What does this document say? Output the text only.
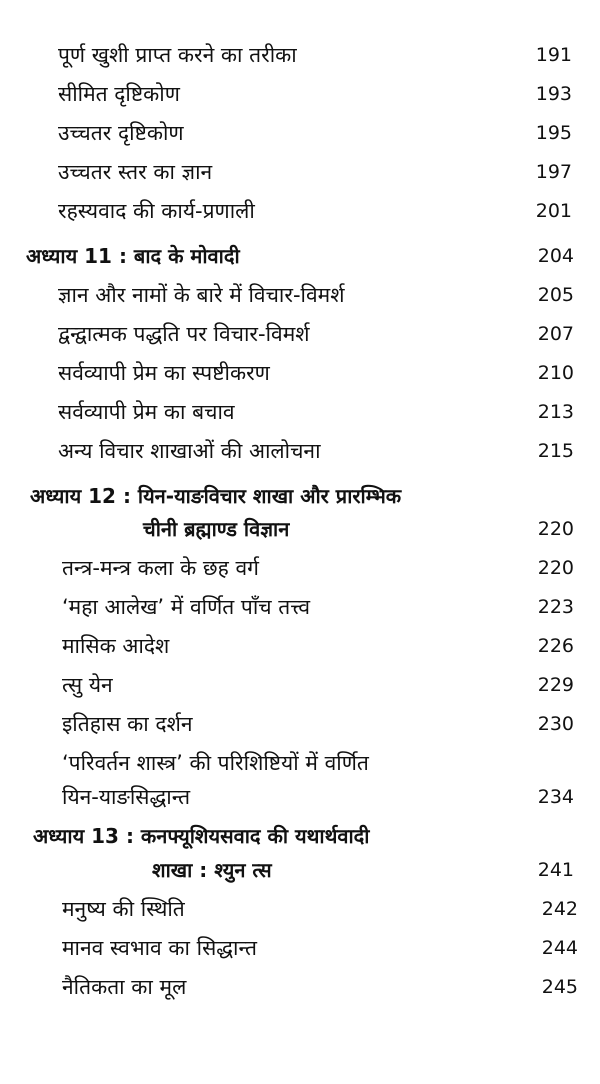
पूर्ण खुशी प्राप्त करने का तरीका	191
सीमित दृष्टिकोण	193
उच्चतर दृष्टिकोण	195
उच्चतर स्तर का ज्ञान	197
रहस्यवाद की कार्य-प्रणाली	201
अध्याय 11 : बाद के मोवादी	204
ज्ञान और नामों के बारे में विचार-विमर्श	205
द्वन्द्वात्मक पद्धति पर विचार-विमर्श	207
सर्वव्यापी प्रेम का स्पष्टीकरण	210
सर्वव्यापी प्रेम का बचाव	213
अन्य विचार शाखाओं की आलोचना	215
अध्याय 12 : यिन-याङविचार शाखा और प्रारम्भिक
चीनी ब्रह्माण्ड विज्ञान	220
तन्त्र-मन्त्र कला के छह वर्ग	220
‘महा आलेख’ में वर्णित पाँच तत्त्व	223
मासिक आदेश	226
त्सु येन	229
इतिहास का दर्शन	230
‘परिवर्तन शास्त्र’ की परिशिष्टियों में वर्णित
यिन-याङसिद्धान्त	234
अध्याय 13 : कनफ्यूशियसवाद की यथार्थवादी
शाखा : श्युन त्स	241
मनुष्य की स्थिति	242
मानव स्वभाव का सिद्धान्त	244
नैतिकता का मूल	245
